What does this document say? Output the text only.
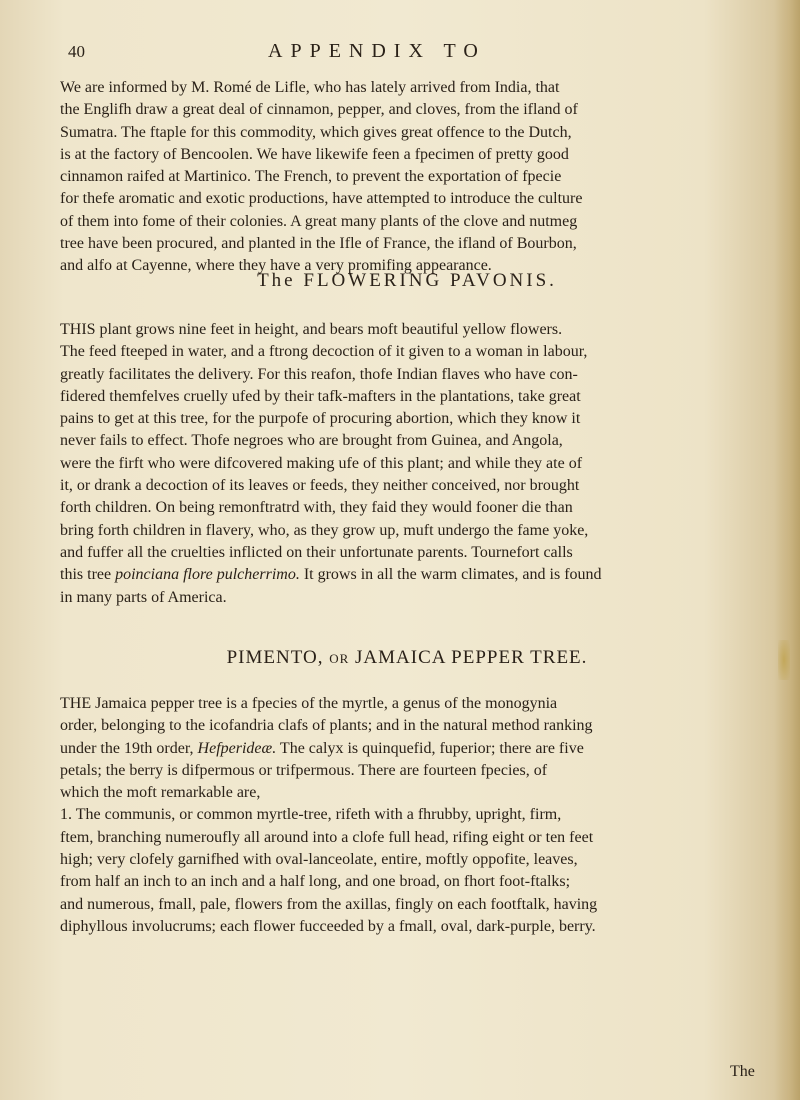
40	APPENDIX TO
We are informed by M. Romé de Lifle, who has lately arrived from India, that
the Englifh draw a great deal of cinnamon, pepper, and cloves, from the ifland of
Sumatra. The ftaple for this commodity, which gives great offence to the Dutch,
is at the factory of Bencoolen. We have likewife feen a fpecimen of pretty good
cinnamon raifed at Martinico. The French, to prevent the exportation of fpecie
for thefe aromatic and exotic productions, have attempted to introduce the culture
of them into fome of their colonies. A great many plants of the clove and nutmeg
tree have been procured, and planted in the Ifle of France, the ifland of Bourbon,
and alfo at Cayenne, where they have a very promifing appearance.
The FLOWERING PAVONIS.
THIS plant grows nine feet in height, and bears moft beautiful yellow flowers.
The feed fteeped in water, and a ftrong decoction of it given to a woman in labour,
greatly facilitates the delivery. For this reafon, thofe Indian flaves who have con-
fidered themfelves cruelly ufed by their tafk-mafters in the plantations, take great
pains to get at this tree, for the purpofe of procuring abortion, which they know it
never fails to effect. Thofe negroes who are brought from Guinea, and Angola,
were the firft who were difcovered making ufe of this plant; and while they ate of
it, or drank a decoction of its leaves or feeds, they neither conceived, nor brought
forth children. On being remonftratrd with, they faid they would fooner die than
bring forth children in flavery, who, as they grow up, muft undergo the fame yoke,
and fuffer all the cruelties inflicted on their unfortunate parents. Tournefort calls
this tree poinciana flore pulcherrimo. It grows in all the warm climates, and is found
in many parts of America.
PIMENTO, OR JAMAICA PEPPER TREE.
THE Jamaica pepper tree is a fpecies of the myrtle, a genus of the monogynia
order, belonging to the icofandria clafs of plants; and in the natural method ranking
under the 19th order, Hefperideæ. The calyx is quinquefid, fuperior; there are five
petals; the berry is difpermous or trifpermous. There are fourteen fpecies, of
which the moft remarkable are,
1. The communis, or common myrtle-tree, rifeth with a fhrubby, upright, firm,
ftem, branching numeroufly all around into a clofe full head, rifing eight or ten feet
high; very clofely garnifhed with oval-lanceolate, entire, moftly oppofite, leaves,
from half an inch to an inch and a half long, and one broad, on fhort foot-ftalks;
and numerous, fmall, pale, flowers from the axillas, fingly on each footftalk, having
diphyllous involucrums; each flower fucceeded by a fmall, oval, dark-purple, berry.
The
